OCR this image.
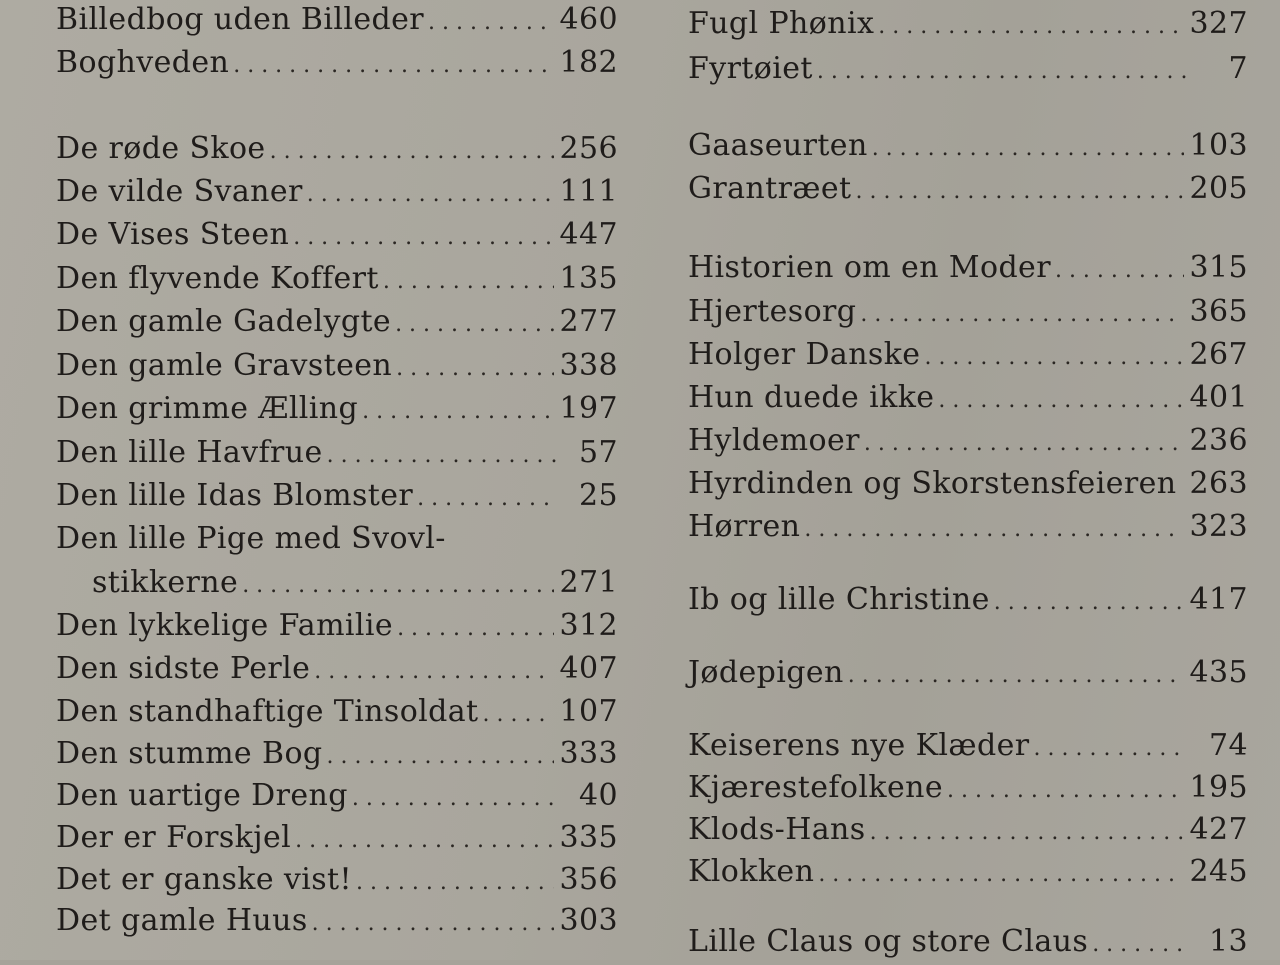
Billedbog uden Billeder . . .	460
Boghveden . . .	182
De røde Skoe . . .	256
De vilde Svaner . . .	111
De Vises Steen . . .	447
Den flyvende Koffert . . .	135
Den gamle Gadelygte . . .	277
Den gamle Gravsteen . . .	338
Den grimme Ælling . . .	197
Den lille Havfrue . . .	57
Den lille Idas Blomster . . .	25
Den lille Pige med Svovl-
stikkerne . . .	271
Den lykkelige Familie . . .	312
Den sidste Perle . . .	407
Den standhaftige Tinsoldat . . .	107
Den stumme Bog . . .	333
Den uartige Dreng . . .	40
Der er Forskjel . . .	335
Det er ganske vist! . . .	356
Det gamle Huus . . .	303
Fugl Phønix . . .	327
Fyrtøiet . . .	7
Gaaseurten . . .	103
Grantræet . . .	205
Historien om en Moder . . .	315
Hjertesorg . . .	365
Holger Danske . . .	267
Hun duede ikke . . .	401
Hyldemoer . . .	236
Hyrdinden og Skorstensfeieren 263
Hørren . . .	323
Ib og lille Christine . . .	417
Jødepigen . . .	435
Keiserens nye Klæder . . .	74
Kjærestefolkene . . .	195
Klods-Hans . . .	427
Klokken . . .	245
Lille Claus og store Claus . . .	13
